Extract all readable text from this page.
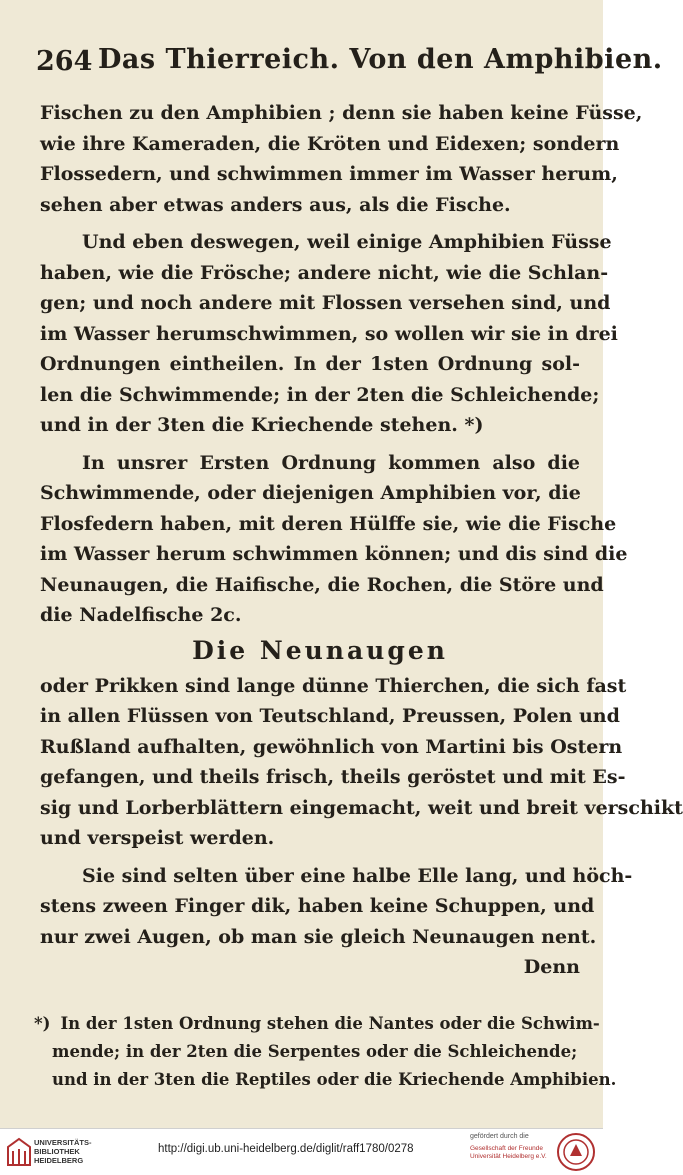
264 Das Thierreich. Von den Amphibien.
Fischen zu den Amphibien ; denn sie haben keine Füsse,
wie ihre Kameraden, die Kröten und Eidexen; sondern
Flossedern, und schwimmen immer im Wasser herum,
sehen aber etwas anders aus, als die Fische.
Und eben deswegen, weil einige Amphibien Füsse
haben, wie die Frösche; andere nicht, wie die Schlan-
gen; und noch andere mit Flossen versehen sind, und
im Wasser herumschwimmen, so wollen wir sie in drei
Ordnungen eintheilen. In der 1sten Ordnung sol-
len die Schwimmende; in der 2ten die Schleichende;
und in der 3ten die Kriechende stehen. *)
In unsrer Ersten Ordnung kommen also die
Schwimmende, oder diejenigen Amphibien vor, die
Flosfedern haben, mit deren Hülffe sie, wie die Fische
im Wasser herum schwimmen können; und dis sind die
Neunaugen, die Haifische, die Rochen, die Störe und
die Nadelfische 2c.
Die Neunaugen
oder Prikken sind lange dünne Thierchen, die sich fast
in allen Flüssen von Teutschland, Preussen, Polen und
Rußland aufhalten, gewöhnlich von Martini bis Ostern
gefangen, und theils frisch, theils geröstet und mit Es-
sig und Lorberblättern eingemacht, weit und breit verschikt
und verspeist werden.
Sie sind selten über eine halbe Elle lang, und höch-
stens zween Finger dik, haben keine Schuppen, und
nur zwei Augen, ob man sie gleich Neunaugen nent.
Denn
*) In der 1sten Ordnung stehen die Nantes oder die Schwim-
mende; in der 2ten die Serpentes oder die Schleichende;
und in der 3ten die Reptiles oder die Kriechende Amphibien.
UNIVERSITÄTS-
BIBLIOTHEK
HEIDELBERG
http://digi.ub.uni-heidelberg.de/diglit/raff1780/0278
gefördert durch die
Gesellschaft der Freunde
Universität Heidelberg e.V.
